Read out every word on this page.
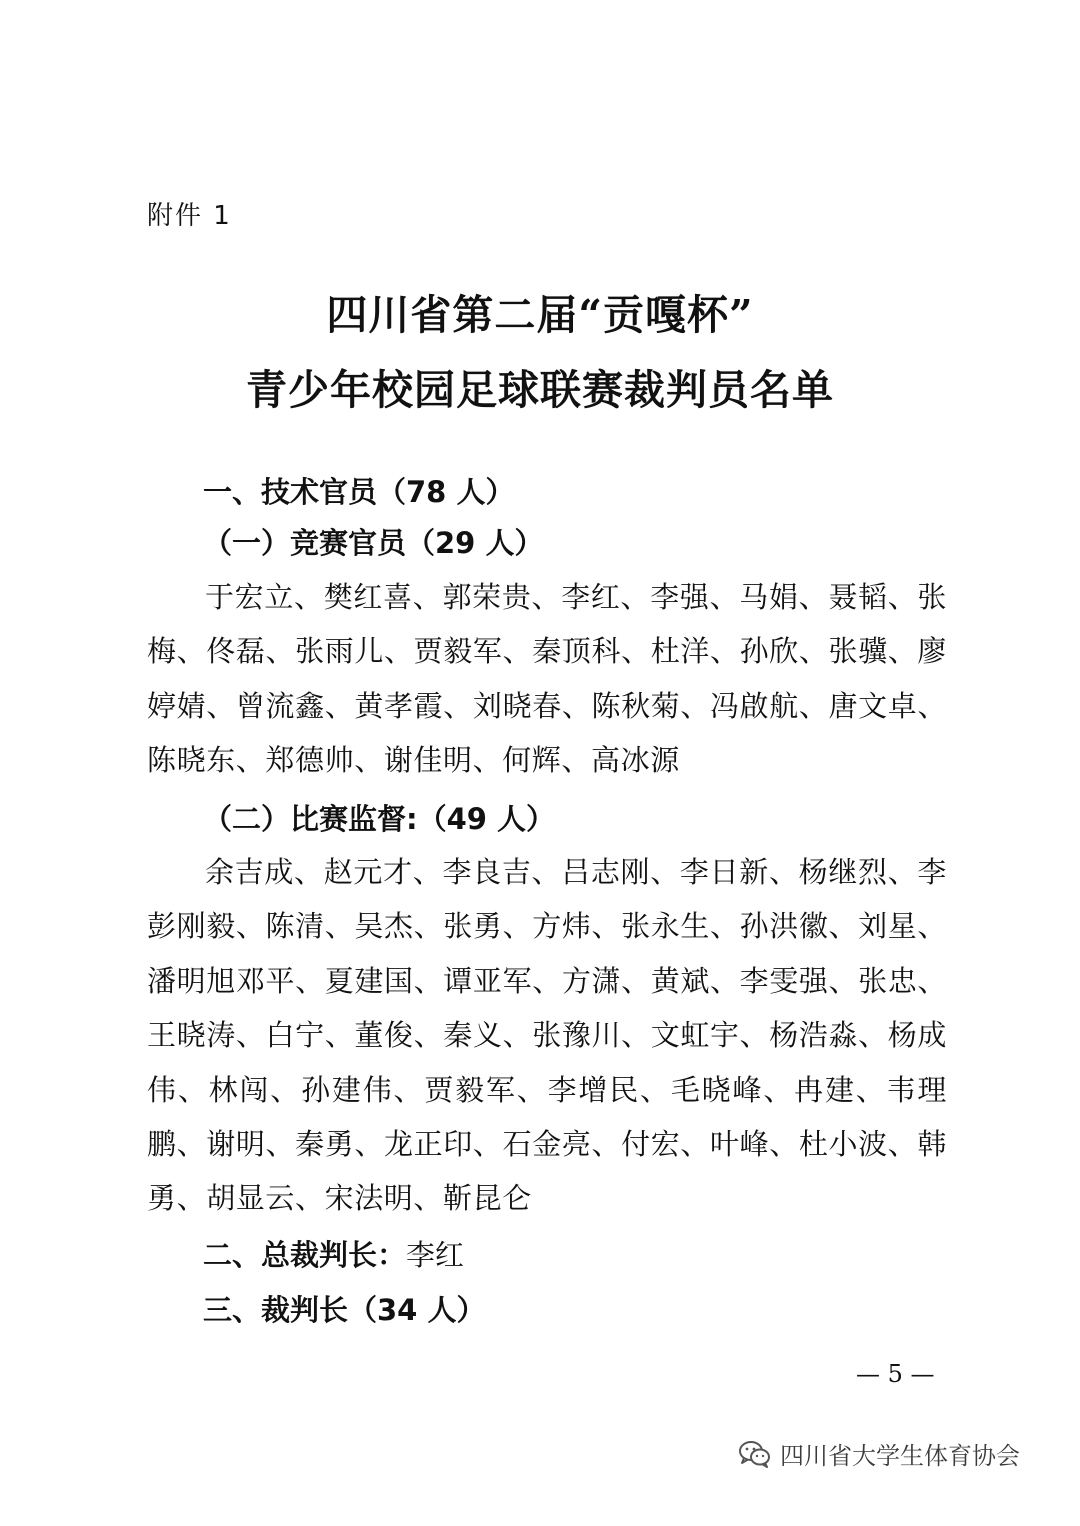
附件 1
四川省第二届“贡嘎杯”
青少年校园足球联赛裁判员名单
一、技术官员（78 人）
（一）竞赛官员（29 人）
于宏立、樊红喜、郭荣贵、李红、李强、马娟、聂韬、张梅、佟磊、张雨儿、贾毅军、秦顶科、杜洋、孙欣、张骥、廖婷婧、曾流鑫、黄孝霞、刘晓春、陈秋菊、冯啟航、唐文卓、陈晓东、郑德帅、谢佳明、何辉、高冰源
（二）比赛监督:（49 人）
余吉成、赵元才、李良吉、吕志刚、李日新、杨继烈、李彭刚毅、陈清、吴杰、张勇、方炜、张永生、孙洪徽、刘星、潘明旭邓平、夏建国、谭亚军、方潇、黄斌、李雯强、张忠、王晓涛、白宁、董俊、秦义、张豫川、文虹宇、杨浩淼、杨成伟、林闯、孙建伟、贾毅军、李增民、毛晓峰、冉建、韦理鹏、谢明、秦勇、龙正印、石金亮、付宏、叶峰、杜小波、韩勇、胡显云、宋法明、靳昆仑
二、总裁判长：李红
三、裁判长（34 人）
— 5 —
四川省大学生体育协会
